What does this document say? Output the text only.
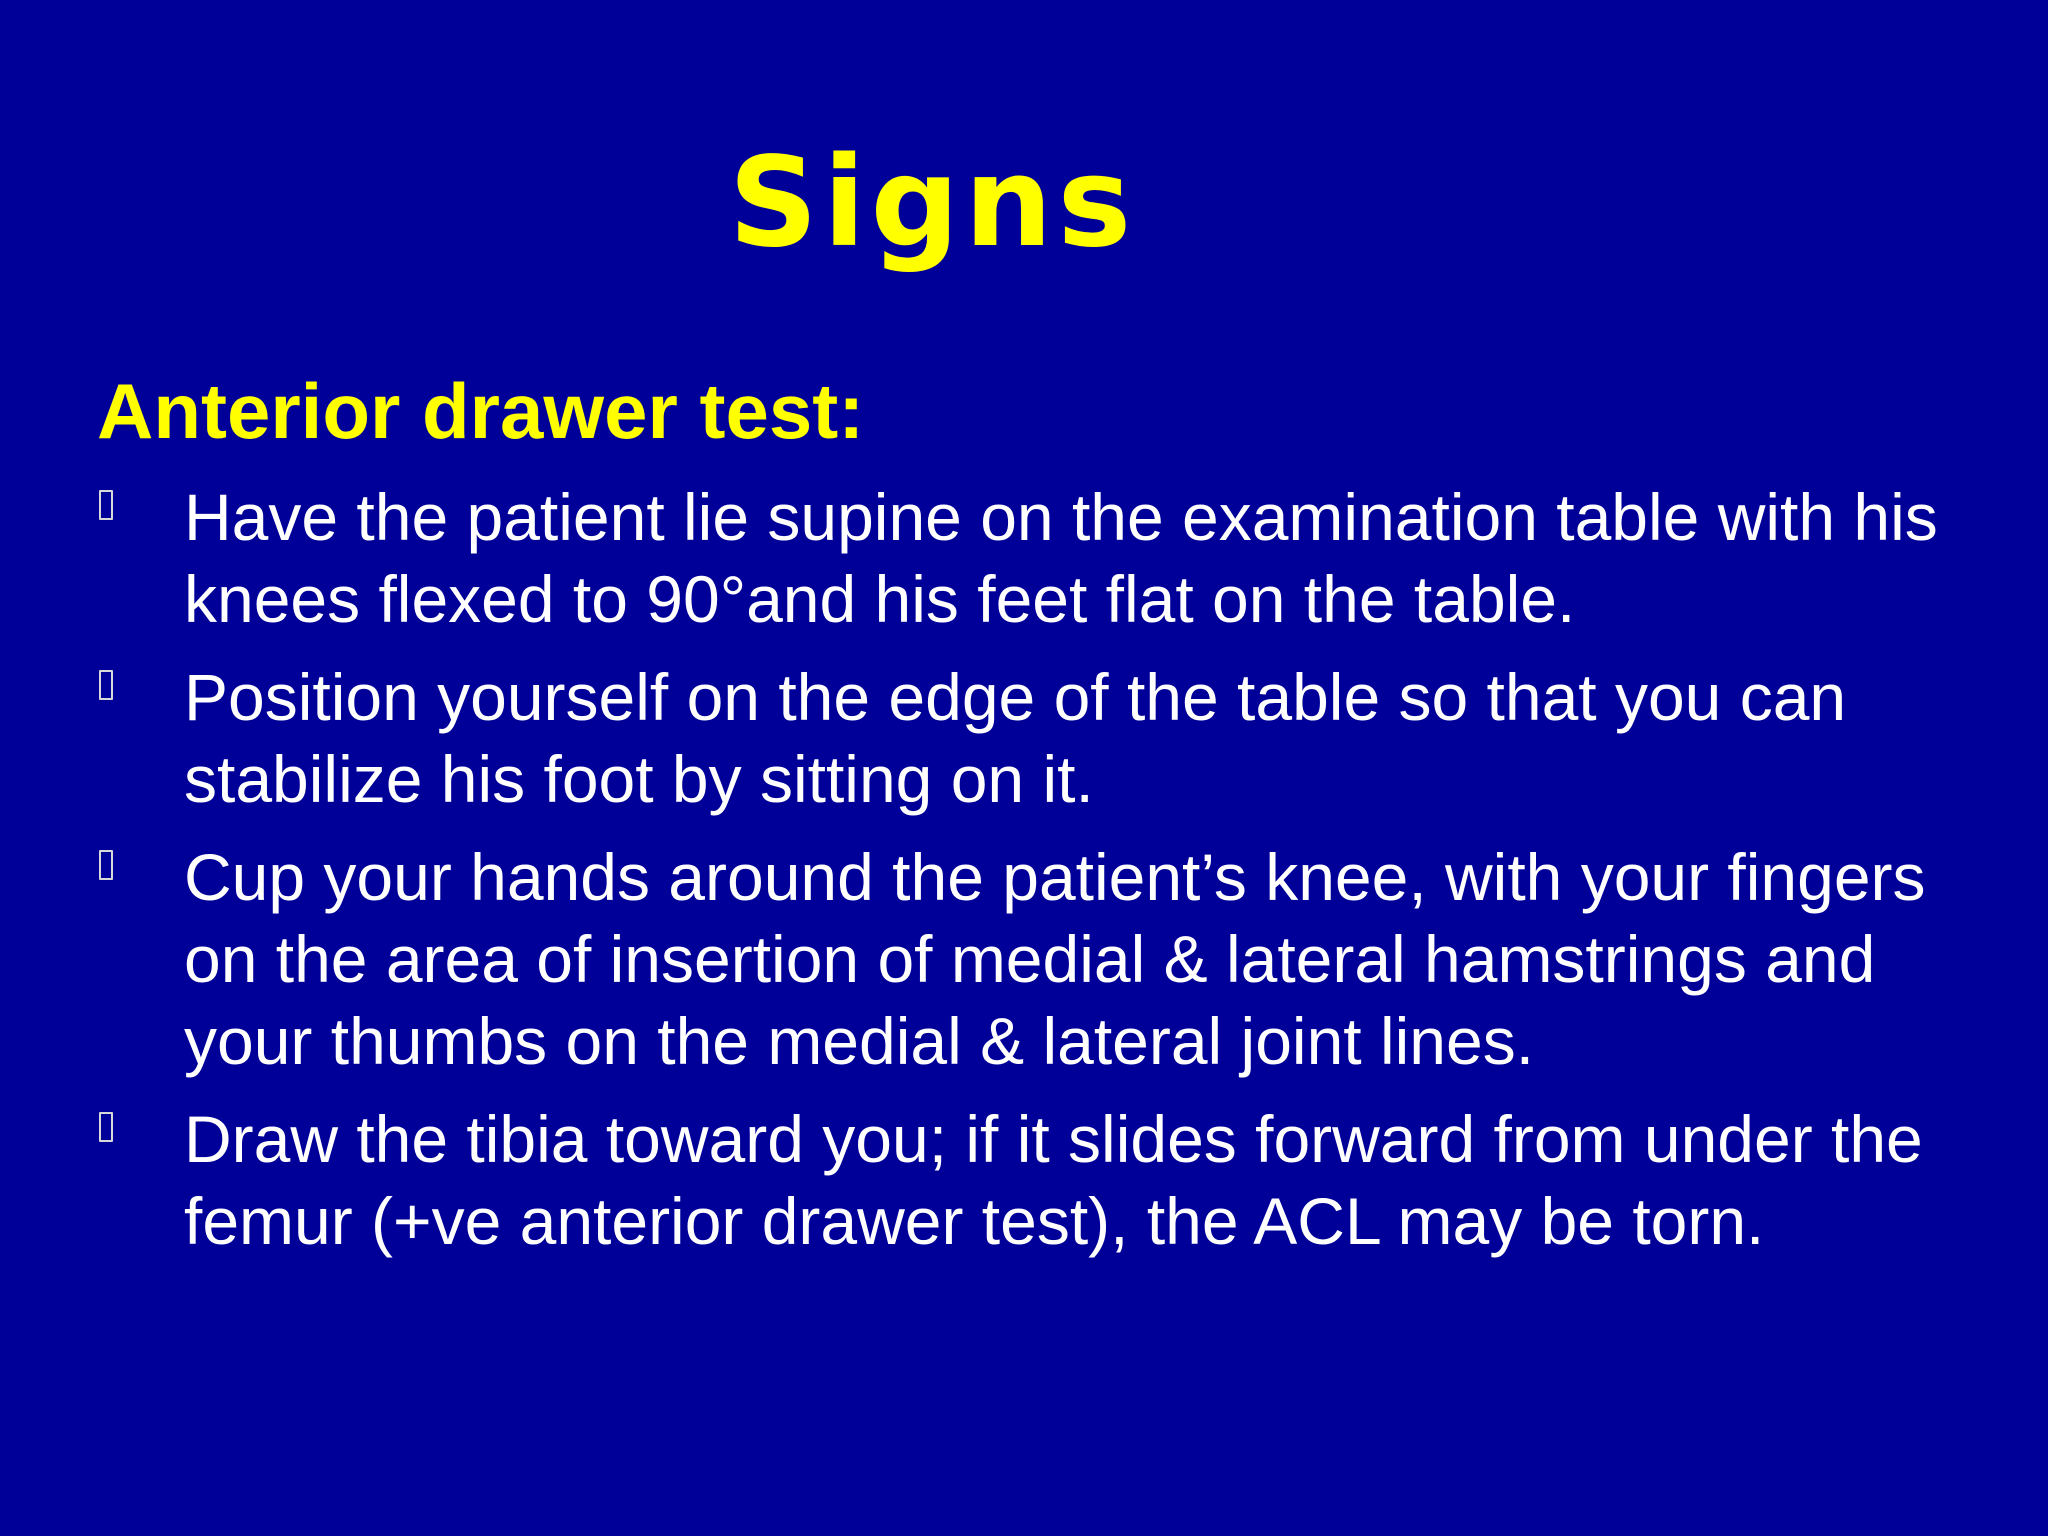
Signs
Anterior drawer test:
Have the patient lie supine on the examination table with his knees flexed to 90°and his feet flat on the table.
Position yourself on the edge of the table so that you can stabilize his foot by sitting on it.
Cup your hands around the patient’s knee, with your fingers on the area of insertion of medial & lateral hamstrings and your thumbs on the medial & lateral joint lines.
Draw the tibia toward you; if it slides forward from under the femur (+ve anterior drawer test), the ACL may be torn.
